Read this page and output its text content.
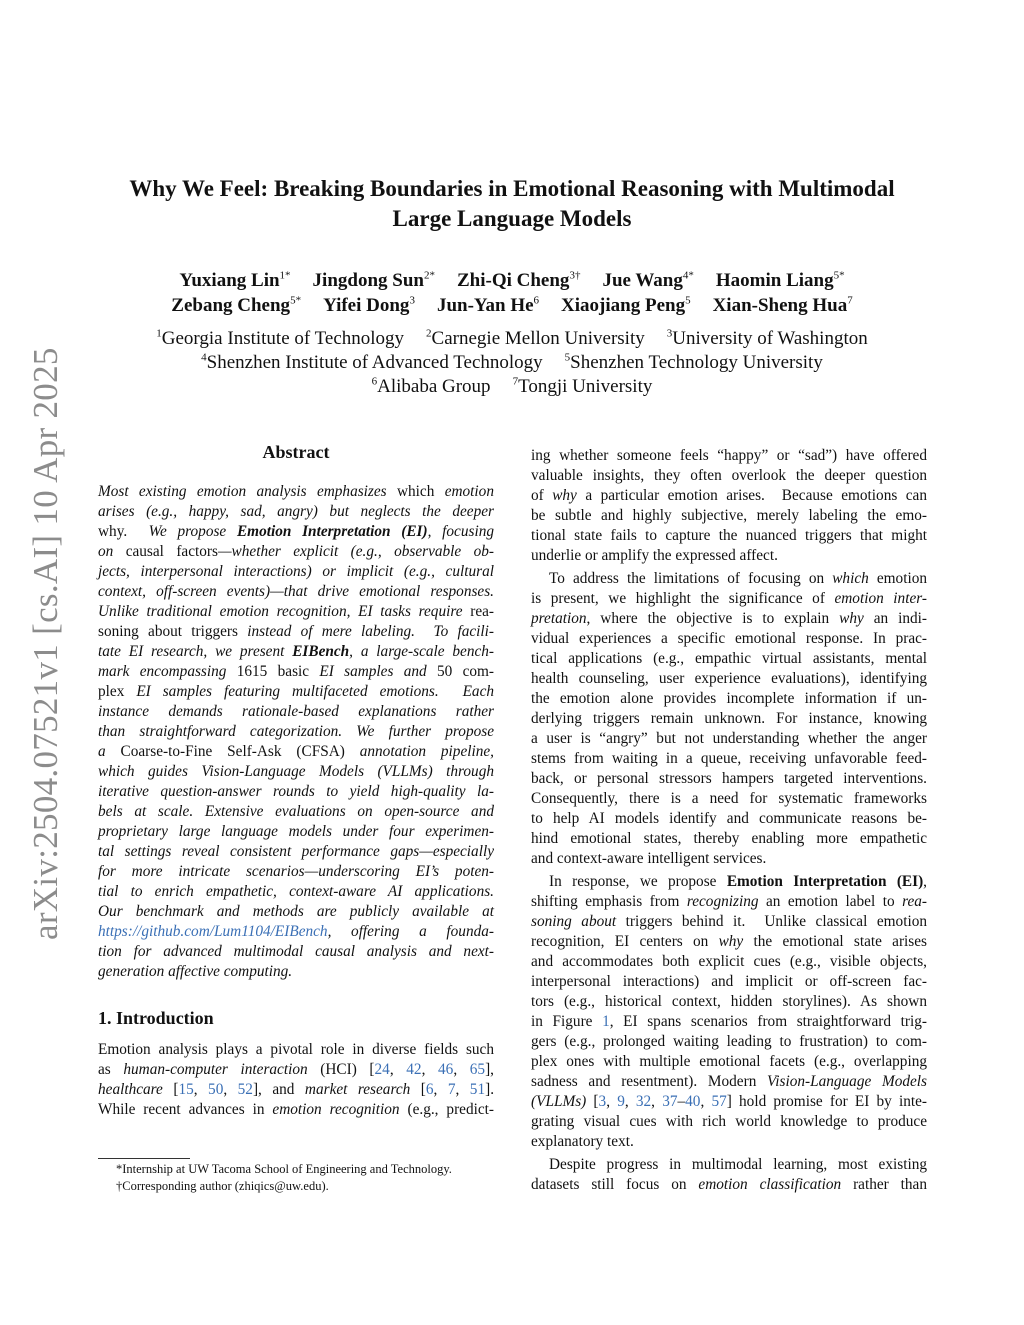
arXiv:2504.07521v1 [cs.AI] 10 Apr 2025
Why We Feel: Breaking Boundaries in Emotional Reasoning with Multimodal
Large Language Models
Yuxiang Lin$^{1*}$ Jingdong Sun$^{2*}$ Zhi-Qi Cheng$^{3\dagger}$ Jue Wang$^{4*}$ Haomin Liang$^{5*}$
Zebang Cheng$^{5*}$ Yifei Dong$^3$ Jun-Yan He$^6$ Xiaojiang Peng$^5$ Xian-Sheng Hua$^7$
$^1$Georgia Institute of Technology $^2$Carnegie Mellon University $^3$University of Washington
$^4$Shenzhen Institute of Advanced Technology $^5$Shenzhen Technology University
$^6$Alibaba Group $^7$Tongji University
Abstract
Most existing emotion analysis emphasizes which emotion
arises (e.g., happy, sad, angry) but neglects the deeper
why.  We propose Emotion Interpretation (EI), focusing
on causal factors—whether explicit (e.g., observable ob-
jects, interpersonal interactions) or implicit (e.g., cultural
context, off-screen events)—that drive emotional responses.
Unlike traditional emotion recognition, EI tasks require rea-
soning about triggers instead of mere labeling.  To facili-
tate EI research, we present EIBench, a large-scale bench-
mark encompassing 1615 basic EI samples and 50 com-
plex EI samples featuring multifaceted emotions.  Each
instance demands rationale-based explanations rather
than straightforward categorization. We further propose
a Coarse-to-Fine Self-Ask (CFSA) annotation pipeline,
which guides Vision-Language Models (VLLMs) through
iterative question-answer rounds to yield high-quality la-
bels at scale. Extensive evaluations on open-source and
proprietary large language models under four experimen-
tal settings reveal consistent performance gaps—especially
for more intricate scenarios—underscoring EI’s poten-
tial to enrich empathetic, context-aware AI applications.
Our benchmark and methods are publicly available at
https://github.com/Lum1104/EIBench, offering a founda-
tion for advanced multimodal causal analysis and next-
generation affective computing.
1. Introduction
Emotion analysis plays a pivotal role in diverse fields such
as human-computer interaction (HCI) [24, 42, 46, 65],
healthcare [15, 50, 52], and market research [6, 7, 51].
While recent advances in emotion recognition (e.g., predict-
*Internship at UW Tacoma School of Engineering and Technology.
†Corresponding author (zhiqics@uw.edu).
ing whether someone feels “happy” or “sad”) have offered
valuable insights, they often overlook the deeper question
of why a particular emotion arises.  Because emotions can
be subtle and highly subjective, merely labeling the emo-
tional state fails to capture the nuanced triggers that might
underlie or amplify the expressed affect.
To address the limitations of focusing on which emotion
is present, we highlight the significance of emotion inter-
pretation, where the objective is to explain why an indi-
vidual experiences a specific emotional response. In prac-
tical applications (e.g., empathic virtual assistants, mental
health counseling, user experience evaluations), identifying
the emotion alone provides incomplete information if un-
derlying triggers remain unknown. For instance, knowing
a user is “angry” but not understanding whether the anger
stems from waiting in a queue, receiving unfavorable feed-
back, or personal stressors hampers targeted interventions.
Consequently, there is a need for systematic frameworks
to help AI models identify and communicate reasons be-
hind emotional states, thereby enabling more empathetic
and context-aware intelligent services.
In response, we propose Emotion Interpretation (EI),
shifting emphasis from recognizing an emotion label to rea-
soning about triggers behind it.  Unlike classical emotion
recognition, EI centers on why the emotional state arises
and accommodates both explicit cues (e.g., visible objects,
interpersonal interactions) and implicit or off-screen fac-
tors (e.g., historical context, hidden storylines). As shown
in Figure 1, EI spans scenarios from straightforward trig-
gers (e.g., prolonged waiting leading to frustration) to com-
plex ones with multiple emotional facets (e.g., overlapping
sadness and resentment). Modern Vision-Language Models
(VLLMs) [3, 9, 32, 37–40, 57] hold promise for EI by inte-
grating visual cues with rich world knowledge to produce
explanatory text.
Despite progress in multimodal learning, most existing
datasets still focus on emotion classification rather than
